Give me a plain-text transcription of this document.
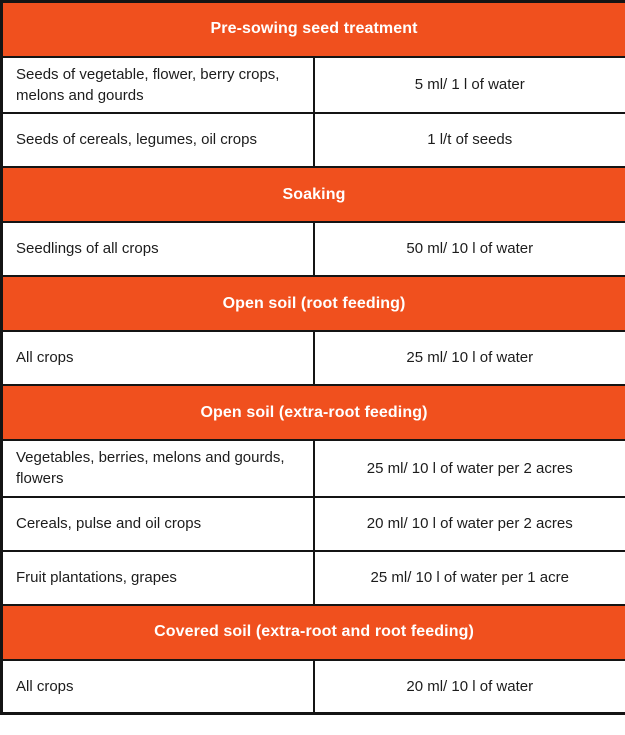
Pre-sowing seed treatment	
Seeds of vegetable, flower, berry crops, melons and gourds	5 ml/ 1 l of water
Seeds of cereals, legumes, oil crops	1 l/t of seeds
Soaking	
Seedlings of all crops	50 ml/ 10 l of water
Open soil (root feeding)	
All crops	25 ml/ 10 l of water
Open soil (extra-root feeding)	
Vegetables, berries, melons and gourds, flowers	25 ml/ 10 l of water per 2 acres
Cereals, pulse and oil crops	20 ml/ 10 l of water per 2 acres
Fruit plantations, grapes	25 ml/ 10 l of water per 1 acre
Covered soil (extra-root and root feeding)	
All crops	20 ml/ 10 l of water
